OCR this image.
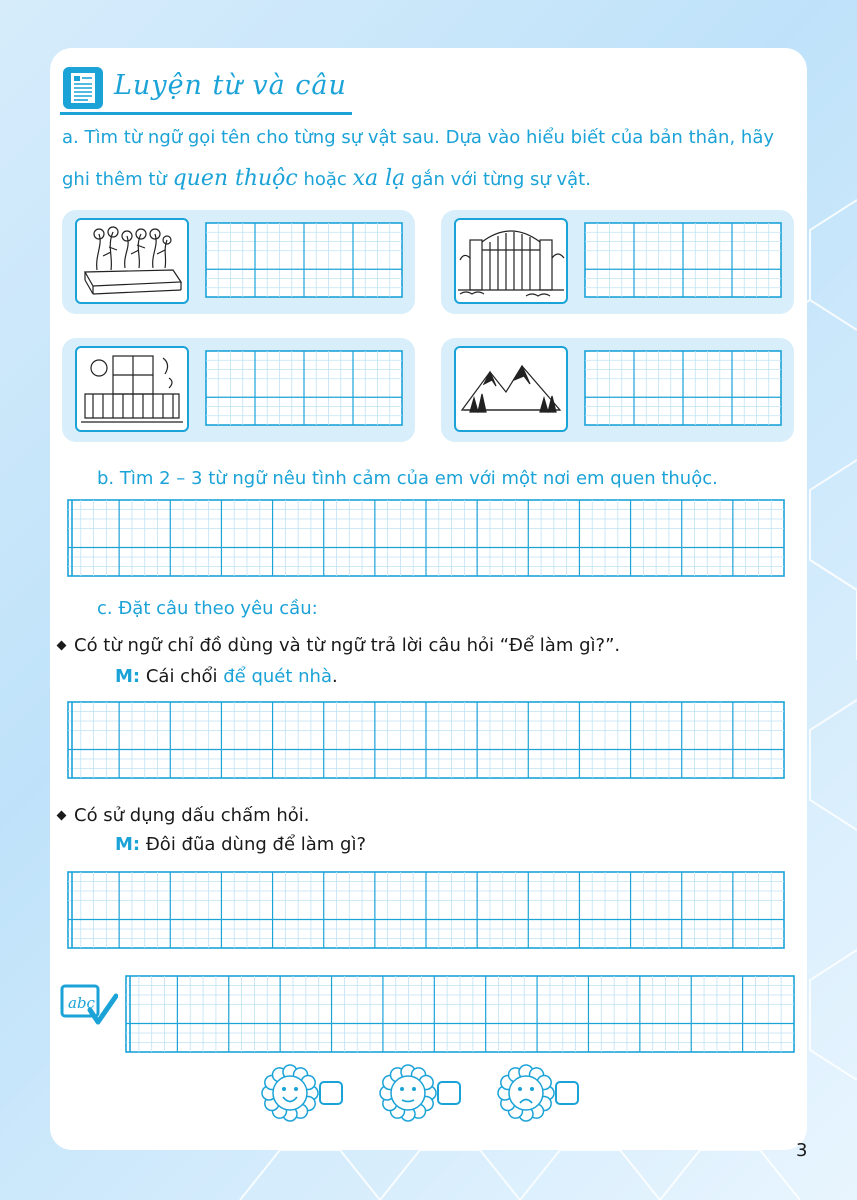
Luyện từ và câu
a. Tìm từ ngữ gọi tên cho từng sự vật sau. Dựa vào hiểu biết của bản thân, hãy
ghi thêm từ quen thuộc hoặc xa lạ gắn với từng sự vật.
b. Tìm 2 – 3 từ ngữ nêu tình cảm của em với một nơi em quen thuộc.
c. Đặt câu theo yêu cầu:
Có từ ngữ chỉ đồ dùng và từ ngữ trả lời câu hỏi “Để làm gì?”.
M: Cái chổi để quét nhà.
Có sử dụng dấu chấm hỏi.
M: Đôi đũa dùng để làm gì?
abc
3
